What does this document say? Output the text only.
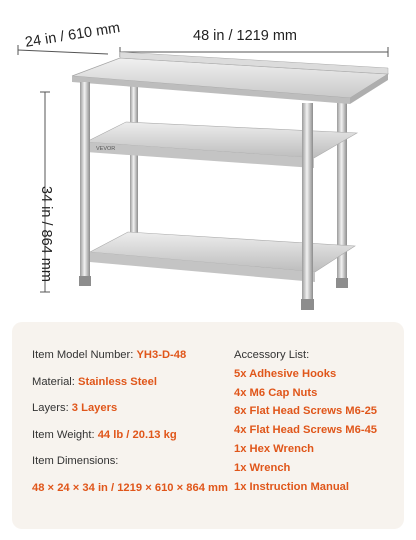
VEVOR
48 in / 1219 mm
24 in / 610 mm
34 in / 864 mm
Item Model Number: YH3-D-48
Material: Stainless Steel
Layers: 3 Layers
Item Weight: 44 lb / 20.13 kg
Item Dimensions:
48 × 24 × 34 in / 1219 × 610 × 864 mm
Accessory List:
5x Adhesive Hooks
4x M6 Cap Nuts
8x Flat Head Screws M6-25
4x Flat Head Screws M6-45
1x Hex Wrench
1x Wrench
1x Instruction Manual
